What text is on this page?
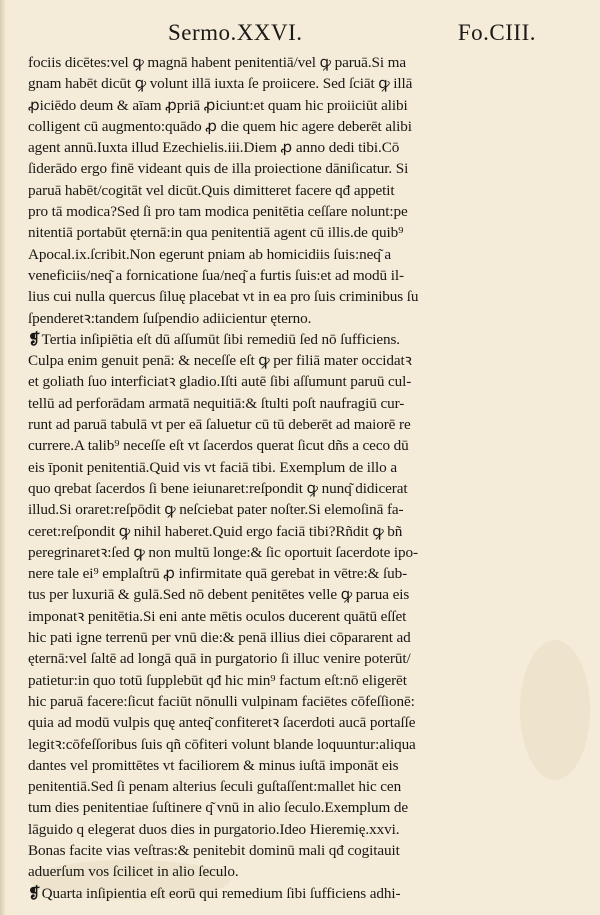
Sermo.XXVI.	Fo.CIII.
fociis dicētes:vel ꝙ magnā habent penitentiā/vel ꝙ paruā.Si ma
gnam habēt dicūt ꝙ volunt illā iuxta ſe proiicere. Sed ſciāt ꝙ illā
ꝓiciēdo deum & aīam ꝓpriā ꝓiciunt:et quam hic proiiciūt alibi
colligent cū augmento:quādo ꝓ die quem hic agere deberēt alibi
agent annū.Iuxta illud Ezechielis.iii.Diem ꝓ anno dedi tibi.Cō
ſiderādo ergo finē videant quis de illa proiectione dāniſicatur. Si
paruā habēt/cogitāt vel dicūt.Quis dimitteret facere qđ appetit
pro tā modica?Sed ſi pro tam modica penitētia ceſſare nolunt:pe
nitentiā portabūt ęternā:in qua penitentiā agent cū illis.de quib⁹
Apocal.ix.ſcribit.Non egerunt pniam ab homicidiis ſuis:neq͂ a
veneficiis/neq͂ a fornicatione ſua/neq͂ a furtis ſuis:et ad modū il-
lius cui nulla quercus ſiluę placebat vt in ea pro ſuis criminibus ſu
ſpenderetꝛ:tandem ſuſpendio adiicientur ęterno.
❡Tertia inſipiētia eſt dū aſſumūt ſibi remediū ſed nō ſufficiens.
Culpa enim genuit penā: & neceſſe eſt ꝙ per filiā mater occidatꝛ
et goliath ſuo interficiatꝛ gladio.Iſti autē ſibi aſſumunt paruū cul-
tellū ad perforādam armatā nequitiā:& ſtulti poſt naufragiū cur-
runt ad paruā tabulā vt per eā ſaluetur cū tū deberēt ad maiorē re
currere.A talib⁹ neceſſe eſt vt ſacerdos querat ſicut dñs a ceco dū
eis īponit penitentiā.Quid vis vt faciā tibi. Exemplum de illo a
quo qrebat ſacerdos ſi bene ieiunaret:reſpondit ꝙ nunq͂ didicerat
illud.Si oraret:reſpōdit ꝙ neſciebat pater noſter.Si elemoſinā fa-
ceret:reſpondit ꝙ nihil haberet.Quid ergo faciā tibi?Rñdit ꝙ bñ
peregrinaretꝛ:ſed ꝙ non multū longe:& ſic oportuit ſacerdote ipo-
nere tale ei⁹ emplaſtrū ꝓ infirmitate quā gerebat in vētre:& ſub-
tus per luxuriā & gulā.Sed nō debent penitētes velle ꝙ parua eis
imponatꝛ penitētia.Si eni ante mētis oculos ducerent quātū eſſet
hic pati igne terrenū per vnū die:& penā illius diei cōpararent ad
ęternā:vel ſaltē ad longā quā in purgatorio ſi illuc venire poterūt/
patietur:in quo totū ſupplebūt qđ hic min⁹ factum eſt:nō eligerēt
hic paruā facere:ſicut faciūt nōnulli vulpinam faciētes cōfeſſionē:
quia ad modū vulpis quę anteq͂ confiteretꝛ ſacerdoti aucā portaſſe
legitꝛ:cōfeſſoribus ſuis qñ cōfiteri volunt blande loquuntur:aliqua
dantes vel promittētes vt faciliorem & minus iuſtā imponāt eis
penitentiā.Sed ſi penam alterius ſeculi guſtaſſent:mallet hic cen
tum dies penitentiae ſuſtinere q͂ vnū in alio ſeculo.Exemplum de
lāguido q elegerat duos dies in purgatorio.Ideo Hieremię.xxvi.
Bonas facite vias veſtras:& penitebit dominū mali qđ cogitauit
aduerſum vos ſcilicet in alio ſeculo.
❡Quarta inſipientia eſt eorū qui remedium ſibi ſufficiens adhi-
